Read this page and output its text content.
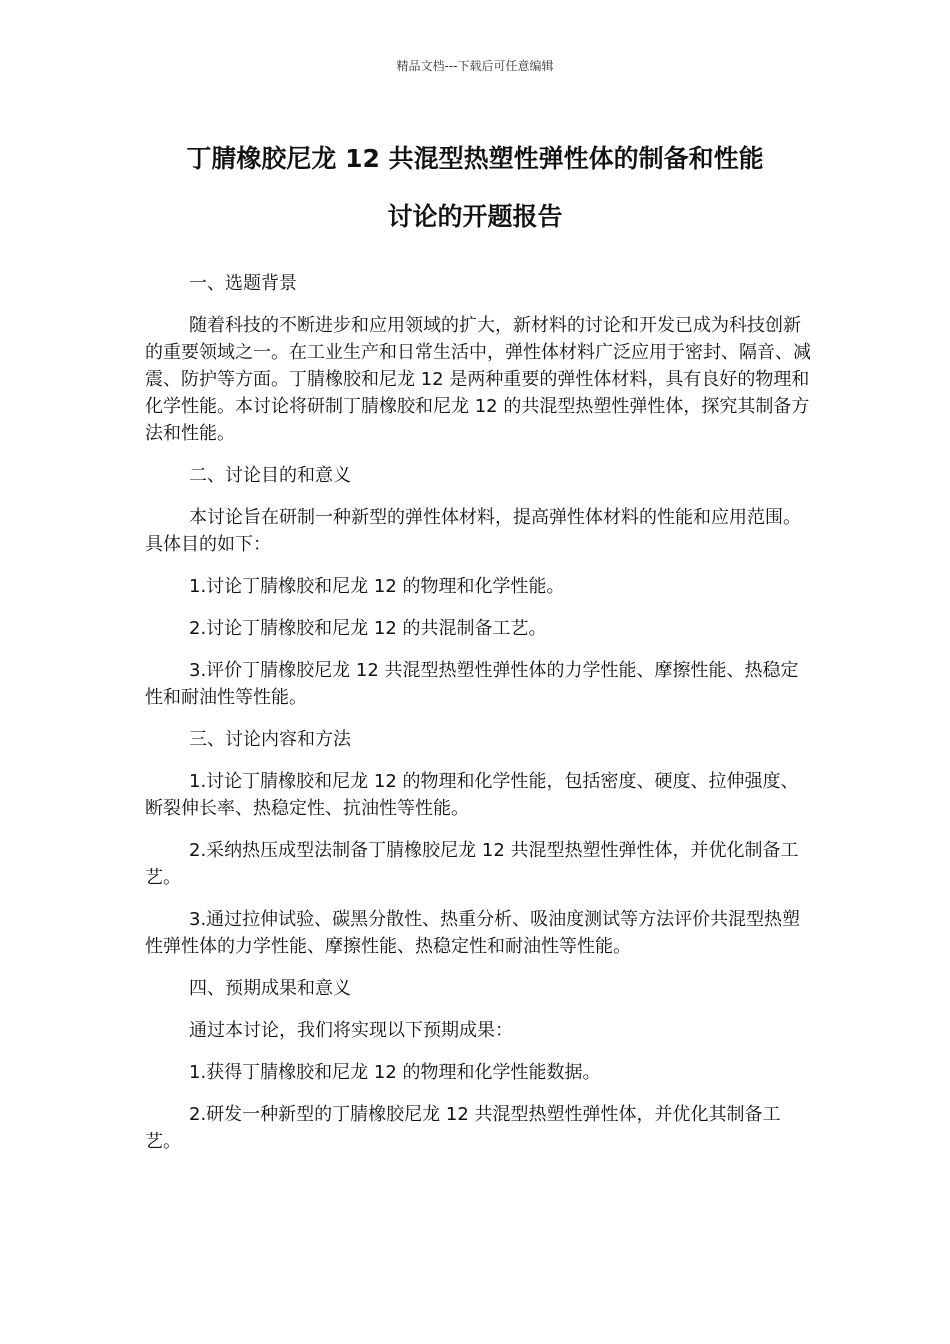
精品文档---下载后可任意编辑
丁腈橡胶尼龙 12 共混型热塑性弹性体的制备和性能
讨论的开题报告

一、选题背景

随着科技的不断进步和应用领域的扩大，新材料的讨论和开发已成为科技创新的重要领域之一。在工业生产和日常生活中，弹性体材料广泛应用于密封、隔音、减震、防护等方面。丁腈橡胶和尼龙 12 是两种重要的弹性体材料，具有良好的物理和化学性能。本讨论将研制丁腈橡胶和尼龙 12 的共混型热塑性弹性体，探究其制备方法和性能。

二、讨论目的和意义

本讨论旨在研制一种新型的弹性体材料，提高弹性体材料的性能和应用范围。具体目的如下：

1.讨论丁腈橡胶和尼龙 12 的物理和化学性能。

2.讨论丁腈橡胶和尼龙 12 的共混制备工艺。

3.评价丁腈橡胶尼龙 12 共混型热塑性弹性体的力学性能、摩擦性能、热稳定性和耐油性等性能。

三、讨论内容和方法

1.讨论丁腈橡胶和尼龙 12 的物理和化学性能，包括密度、硬度、拉伸强度、断裂伸长率、热稳定性、抗油性等性能。

2.采纳热压成型法制备丁腈橡胶尼龙 12 共混型热塑性弹性体，并优化制备工艺。

3.通过拉伸试验、碳黑分散性、热重分析、吸油度测试等方法评价共混型热塑性弹性体的力学性能、摩擦性能、热稳定性和耐油性等性能。

四、预期成果和意义

通过本讨论，我们将实现以下预期成果：

1.获得丁腈橡胶和尼龙 12 的物理和化学性能数据。

2.研发一种新型的丁腈橡胶尼龙 12 共混型热塑性弹性体，并优化其制备工艺。
